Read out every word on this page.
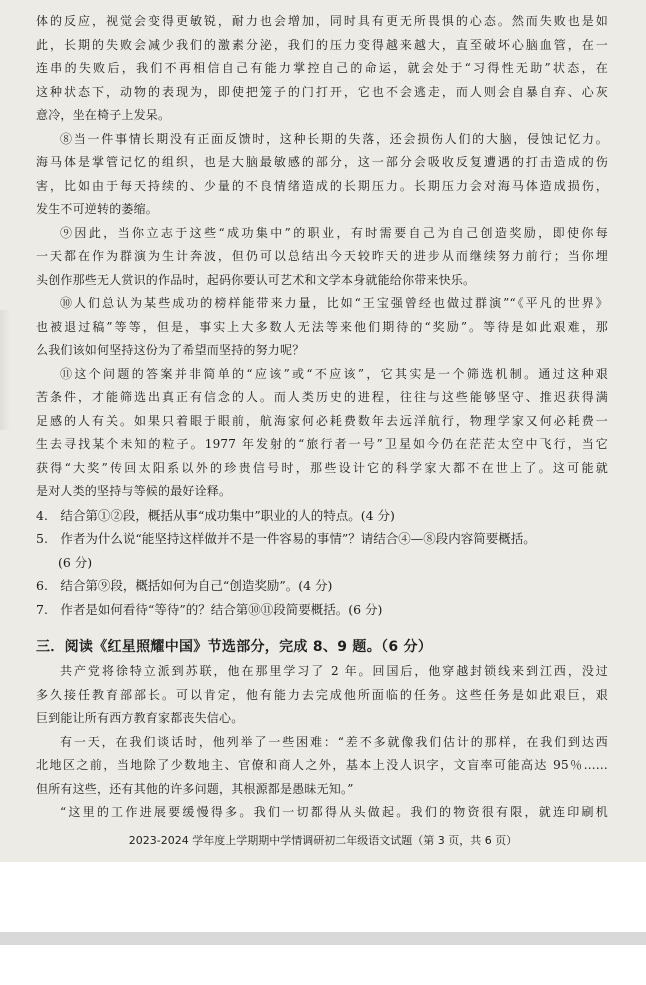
体的反应，视觉会变得更敏锐，耐力也会增加，同时具有更无所畏惧的心态。然而失败也是如

此，长期的失败会减少我们的激素分泌，我们的压力变得越来越大，直至破坏心脑血管，在一

连串的失败后，我们不再相信自己有能力掌控自己的命运，就会处于“习得性无助”状态，在

这种状态下，动物的表现为，即使把笼子的门打开，它也不会逃走，而人则会自暴自弃、心灰

意冷，坐在椅子上发呆。

⑧当一件事情长期没有正面反馈时，这种长期的失落，还会损伤人们的大脑，侵蚀记忆力。

海马体是掌管记忆的组织，也是大脑最敏感的部分，这一部分会吸收反复遭遇的打击造成的伤

害，比如由于每天持续的、少量的不良情绪造成的长期压力。长期压力会对海马体造成损伤，

发生不可逆转的萎缩。

⑨因此，当你立志于这些“成功集中”的职业，有时需要自己为自己创造奖励，即使你每

一天都在作为群演为生计奔波，但仍可以总结出今天较昨天的进步从而继续努力前行；当你埋

头创作那些无人赏识的作品时，起码你要认可艺术和文学本身就能给你带来快乐。

⑩人们总认为某些成功的榜样能带来力量，比如“王宝强曾经也做过群演”“《平凡的世界》

也被退过稿”等等，但是，事实上大多数人无法等来他们期待的“奖励”。等待是如此艰难，那

么我们该如何坚持这份为了希望而坚持的努力呢？

⑪这个问题的答案并非简单的“应该”或“不应该”，它其实是一个筛选机制。通过这种艰

苦条件，才能筛选出真正有信念的人。而人类历史的进程，往往与这些能够坚守、推迟获得满

足感的人有关。如果只着眼于眼前，航海家何必耗费数年去远洋航行，物理学家又何必耗费一

生去寻找某个未知的粒子。1977 年发射的“旅行者一号”卫星如今仍在茫茫太空中飞行，当它

获得“大奖”传回太阳系以外的珍贵信号时，那些设计它的科学家大都不在世上了。这可能就

是对人类的坚持与等候的最好诠释。

4.　结合第①②段，概括从事“成功集中”职业的人的特点。(4 分)

5.　作者为什么说“能坚持这样做并不是一件容易的事情”？请结合④—⑧段内容简要概括。

(6 分)

6.　结合第⑨段，概括如何为自己“创造奖励”。(4 分)

7.　作者是如何看待“等待”的？结合第⑩⑪段简要概括。(6 分)

三．阅读《红星照耀中国》节选部分，完成 8、9 题。（6 分）

共产党将徐特立派到苏联，他在那里学习了 2 年。回国后，他穿越封锁线来到江西，没过

多久接任教育部部长。可以肯定，他有能力去完成他所面临的任务。这些任务是如此艰巨，艰

巨到能让所有西方教育家都丧失信心。

有一天，在我们谈话时，他列举了一些困难：“差不多就像我们估计的那样，在我们到达西

北地区之前，当地除了少数地主、官僚和商人之外，基本上没人识字，文盲率可能高达 95％……

但所有这些，还有其他的许多问题，其根源都是愚昧无知。”

“这里的工作进展要缓慢得多。我们一切都得从头做起。我们的物资很有限，就连印刷机

2023-2024 学年度上学期期中学情调研初二年级语文试题（第 3 页，共 6 页）
